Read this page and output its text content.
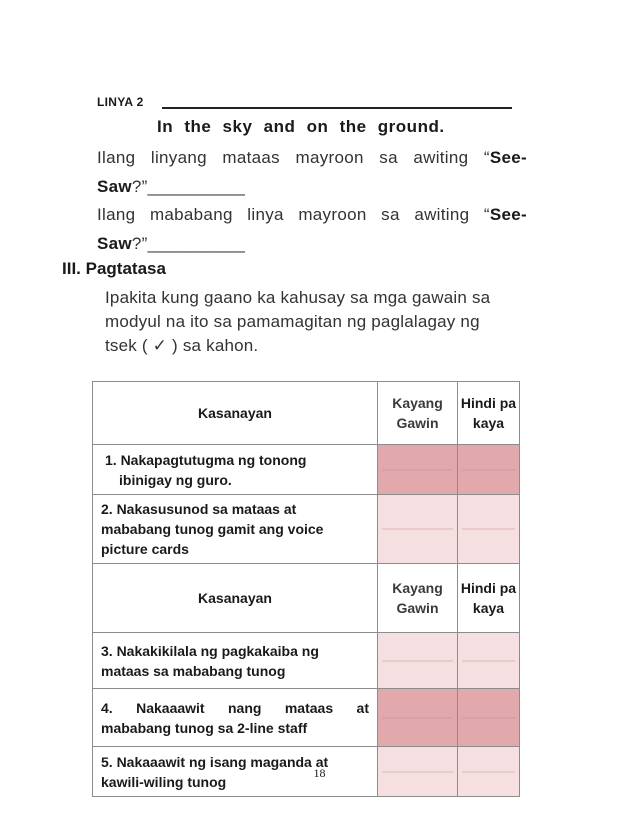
LINYA 2
In the sky and on the ground.
Ilang linyang mataas mayroon sa awiting “See-Saw?”__________
Ilang mababang linya mayroon sa awiting “See-Saw?”__________
III. Pagtatasa
Ipakita kung gaano ka kahusay sa mga gawain sa modyul na ito sa pamamagitan ng paglalagay ng tsek ( ✓ ) sa kahon.
Kasanayan	Kayang Gawin	Hindi pa kaya
1. Nakapagtutugma ng tonong
ibinigay ng guro.		

2. Nakasusunod sa mataas at
mababang tunog gamit ang voice
picture cards	

Kasanayan	Kayang Gawin	Hindi pa kaya
3. Nakakikilala ng pagkakaiba ng
mataas sa mababang tunog	

4. Nakaaawit nang mataas at
mababang tunog sa 2-line staff	

5. Nakaaawit ng isang maganda at
kawili-wiling tunog	

18
